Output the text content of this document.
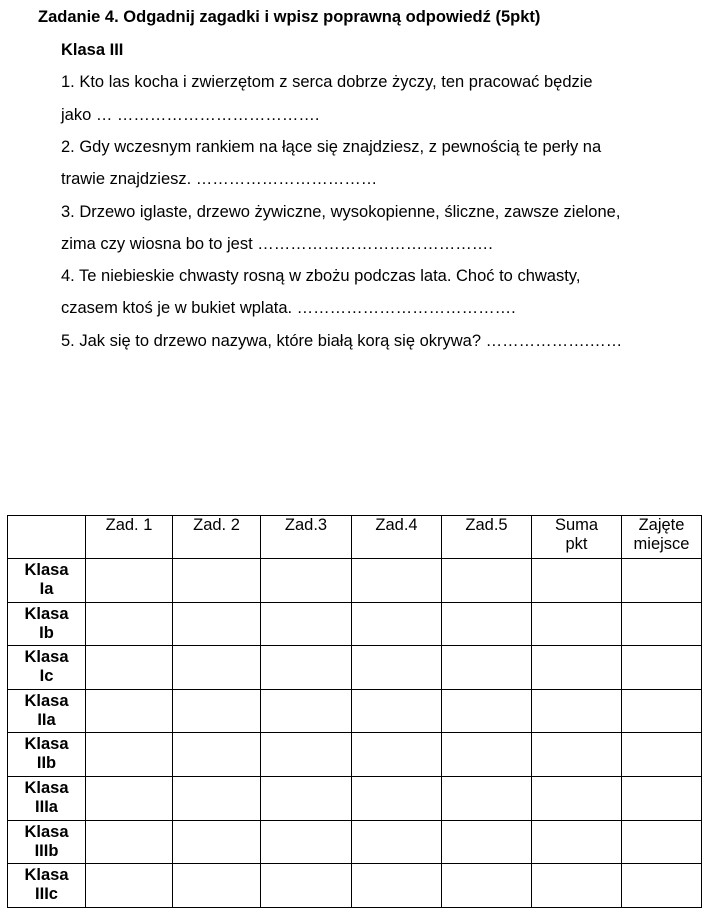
Zadanie 4. Odgadnij zagadki i wpisz poprawną odpowiedź (5pkt)
Klasa III
1. Kto las kocha i zwierzętom z serca dobrze życzy, ten pracować będzie
jako … ……………………………….
2. Gdy wczesnym rankiem na łące się znajdziesz, z pewnością te perły na
trawie znajdziesz. ……………………………
3. Drzewo iglaste, drzewo żywiczne, wysokopienne, śliczne, zawsze zielone,
zima czy wiosna bo to jest …………………………………….
4. Te niebieskie chwasty rosną w zbożu podczas lata. Choć to chwasty,
czasem ktoś je w bukiet wplata. ………………………………….
5. Jak się to drzewo nazywa, które białą korą się okrywa? ……………….……
	Zad. 1	Zad. 2	Zad.3	Zad.4	Zad.5	Suma pkt	Zajęte miejsce
Klasa Ia							
Klasa Ib							
Klasa Ic							
Klasa IIa							
Klasa IIb							
Klasa IIIa							
Klasa IIIb							
Klasa IIIc							
